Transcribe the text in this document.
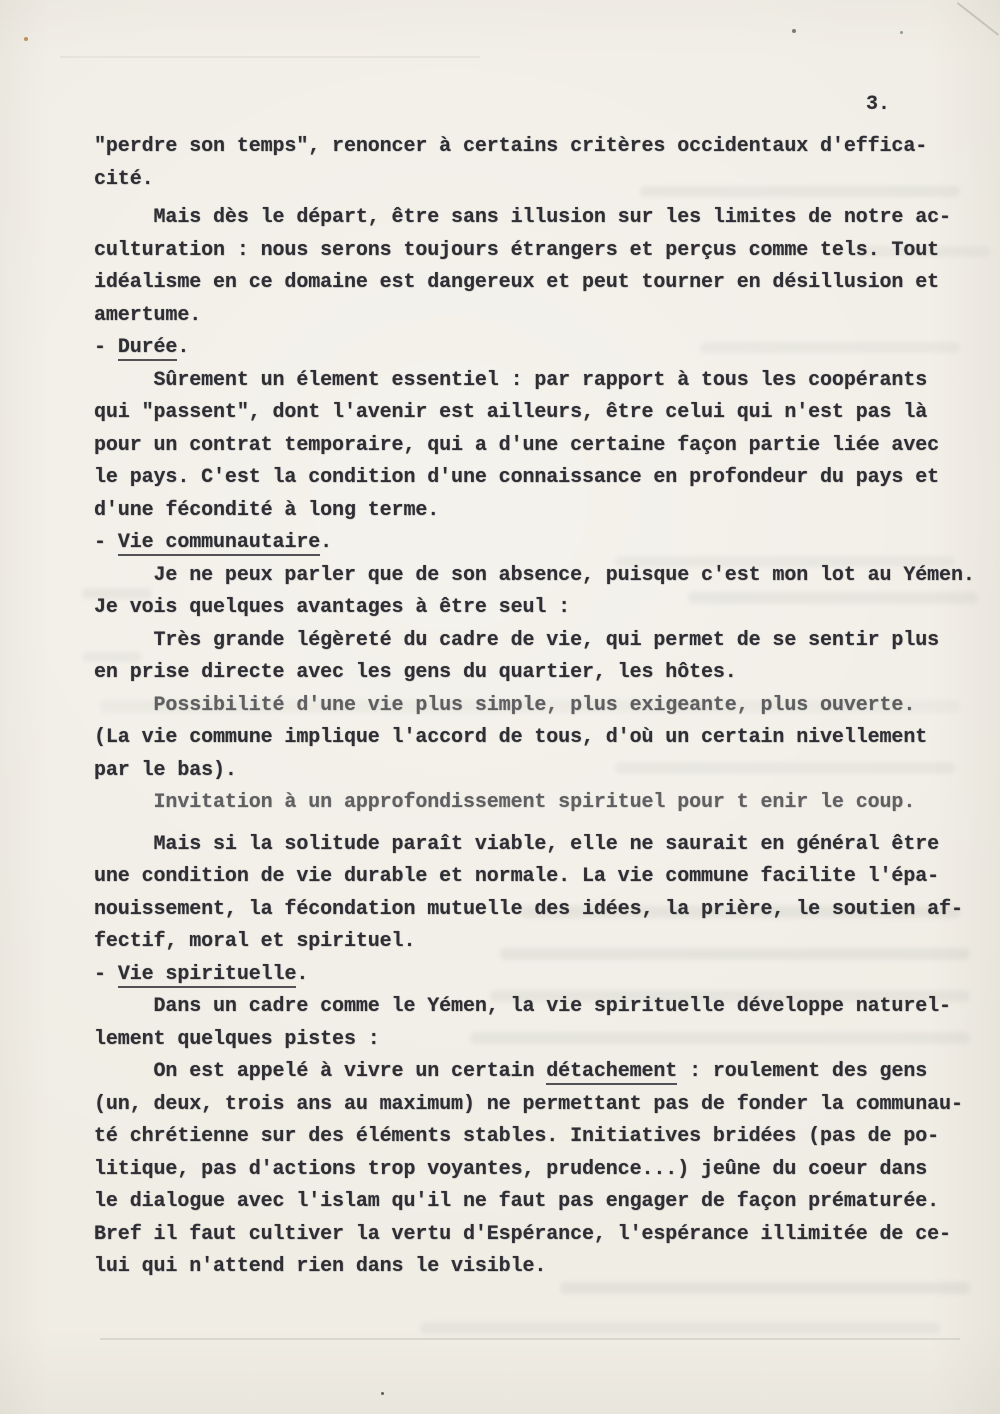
3.
"perdre son temps", renoncer à certains critères occidentaux d'effica-
cité.
Mais dès le départ, être sans illusion sur les limites de notre ac-
culturation : nous serons toujours étrangers et perçus comme tels. Tout
idéalisme en ce domaine est dangereux et peut tourner en désillusion et
amertume.
- Durée.
Sûrement un élement essentiel : par rapport à tous les coopérants
qui "passent", dont l'avenir est ailleurs, être celui qui n'est pas là
pour un contrat temporaire, qui a d'une certaine façon partie liée avec
le pays. C'est la condition d'une connaissance en profondeur du pays et
d'une fécondité à long terme.
- Vie communautaire.
Je ne peux parler que de son absence, puisque c'est mon lot au Yémen.
Je vois quelques avantages à être seul :
Très grande légèreté du cadre de vie, qui permet de se sentir plus
en prise directe avec les gens du quartier, les hôtes.
Possibilité d'une vie plus simple, plus exigeante, plus ouverte.
(La vie commune implique l'accord de tous, d'où un certain nivellement
par le bas).
Invitation à un approfondissement spirituel pour t enir le coup.
Mais si la solitude paraît viable, elle ne saurait en général être
une condition de vie durable et normale. La vie commune facilite l'épa-
nouissement, la fécondation mutuelle des idées, la prière, le soutien af-
fectif, moral et spirituel.
- Vie spirituelle.
Dans un cadre comme le Yémen, la vie spirituelle développe naturel-
lement quelques pistes :
On est appelé à vivre un certain détachement : roulement des gens
(un, deux, trois ans au maximum) ne permettant pas de fonder la communau-
té chrétienne sur des éléments stables. Initiatives bridées (pas de po-
litique, pas d'actions trop voyantes, prudence...) jeûne du coeur dans
le dialogue avec l'islam qu'il ne faut pas engager de façon prématurée.
Bref il faut cultiver la vertu d'Espérance, l'espérance illimitée de ce-
lui qui n'attend rien dans le visible.
